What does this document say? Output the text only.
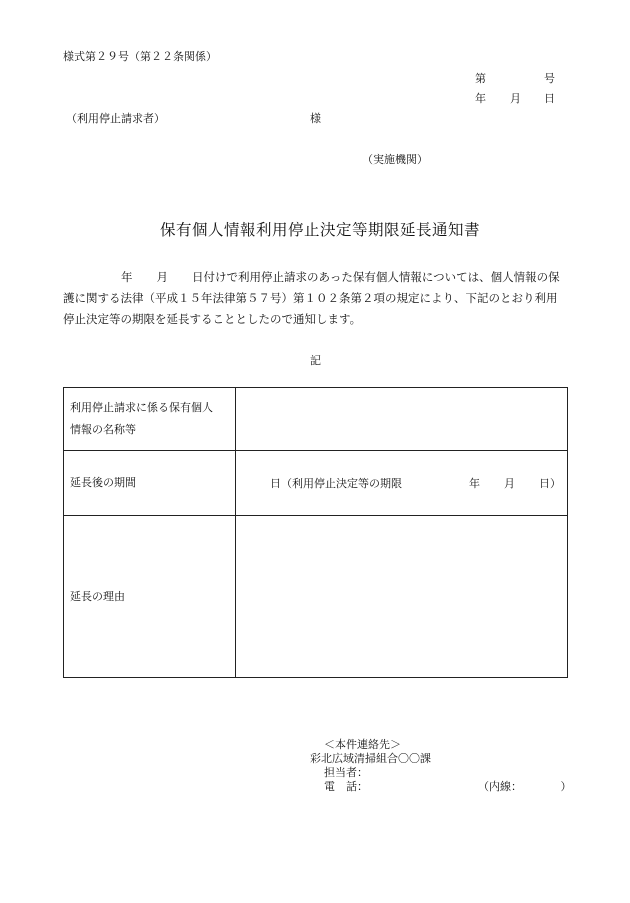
様式第２９号（第２２条関係）
第	号
年 月 日
（利用停止請求者）	様
（実施機関）
保有個人情報利用停止決定等期限延長通知書

年 月 日付けで利用停止請求のあった保有個人情報については、個人情報の保

護に関する法律（平成１５年法律第５７号）第１０２条第２項の規定により、下記のとおり利用

停止決定等の期限を延長することとしたので通知します。

記
利用停止請求に係る保有個人
情報の名称等	

延長後の期間	日（利用停止決定等の期限 年 月 日）

延長の理由	
＜本件連絡先＞
彩北広域清掃組合〇〇課
担当者：
電　話：	（内線：　　　　）
